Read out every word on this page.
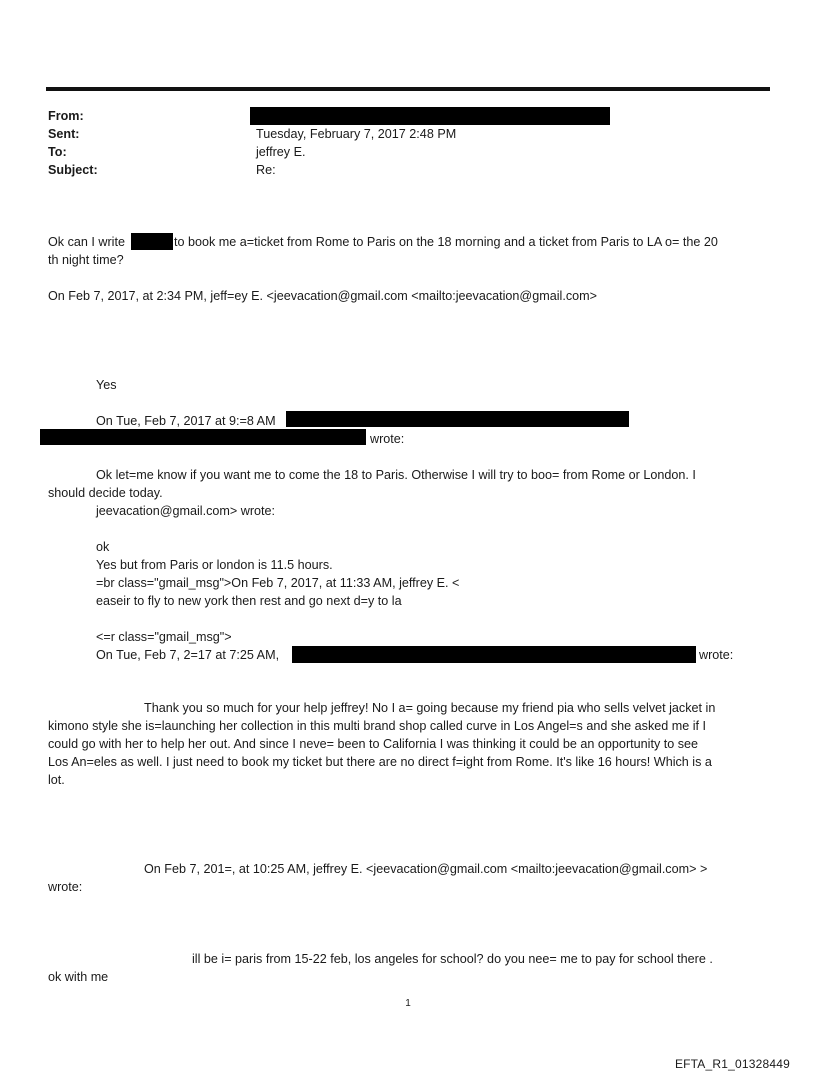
From:
Sent:	Tuesday, February 7, 2017 2:48 PM
To:	jeffrey E.
Subject:	Re:
Ok can I write	to book me a=ticket from Rome to Paris on the 18 morning and a ticket from Paris to LA o= the 20
th night time?
On Feb 7, 2017, at 2:34 PM, jeff=ey E. <jeevacation@gmail.com <mailto:jeevacation@gmail.com>
Yes
On Tue, Feb 7, 2017 at 9:=8 AM
wrote:
Ok let=me know if you want me to come the 18 to Paris. Otherwise I will try to boo= from Rome or London. I
should decide today.
jeevacation@gmail.com> wrote:
ok
Yes but from Paris or london is 11.5 hours.
=br class="gmail_msg">On Feb 7, 2017, at 11:33 AM, jeffrey E. <
easeir to fly to new york then rest and go next d=y to la
<=r class="gmail_msg">
On Tue, Feb 7, 2=17 at 7:25 AM,	wrote:
Thank you so much for your help jeffrey! No I a= going because my friend pia who sells velvet jacket in
kimono style she is=launching her collection in this multi brand shop called curve in Los Angel=s and she asked me if I
could go with her to help her out. And since I neve= been to California I was thinking it could be an opportunity to see
Los An=eles as well. I just need to book my ticket but there are no direct f=ight from Rome. It's like 16 hours! Which is a
lot.
On Feb 7, 201=, at 10:25 AM, jeffrey E. <jeevacation@gmail.com <mailto:jeevacation@gmail.com> >
wrote:
ill be i= paris from 15-22 feb, los angeles for school? do you nee= me to pay for school there .
ok with me
1
EFTA_R1_01328449
